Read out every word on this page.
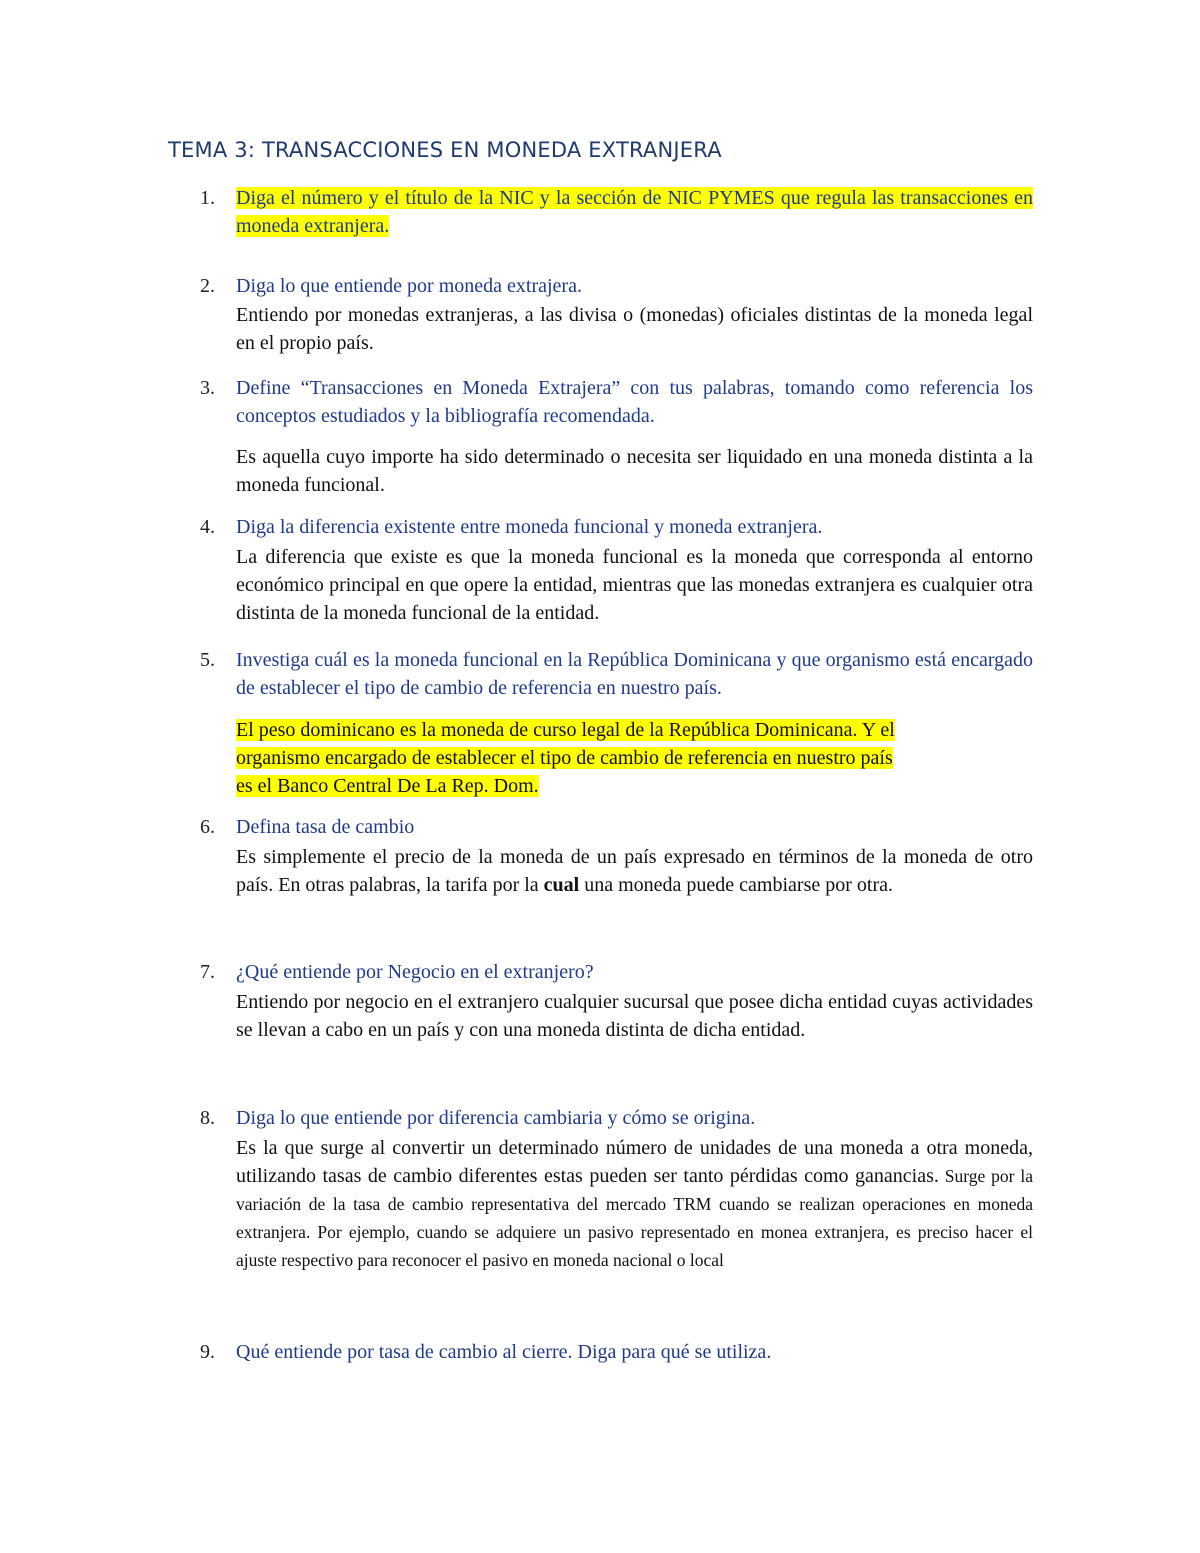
TEMA 3: TRANSACCIONES EN MONEDA EXTRANJERA
1. Diga el número y el título de la NIC y la sección de NIC PYMES que regula las transacciones en moneda extranjera.
2. Diga lo que entiende por moneda extrajera.
Entiendo por monedas extranjeras, a las divisa o (monedas) oficiales distintas de la moneda legal en el propio país.
3. Define “Transacciones en Moneda Extrajera” con tus palabras, tomando como referencia los conceptos estudiados y la bibliografía recomendada.
Es aquella cuyo importe ha sido determinado o necesita ser liquidado en una moneda distinta a la moneda funcional.
4. Diga la diferencia existente entre moneda funcional y moneda extranjera.
La diferencia que existe es que la moneda funcional es la moneda que corresponda al entorno económico principal en que opere la entidad, mientras que las monedas extranjera es cualquier otra distinta de la moneda funcional de la entidad.
5. Investiga cuál es la moneda funcional en la República Dominicana y que organismo está encargado de establecer el tipo de cambio de referencia en nuestro país.
El peso dominicano es la moneda de curso legal de la República Dominicana. Y el
organismo encargado de establecer el tipo de cambio de referencia en nuestro país
es el Banco Central De La Rep. Dom.
6. Defina tasa de cambio
Es simplemente el precio de la moneda de un país expresado en términos de la moneda de otro país. En otras palabras, la tarifa por la cual una moneda puede cambiarse por otra.
7. ¿Qué entiende por Negocio en el extranjero?
Entiendo por negocio en el extranjero cualquier sucursal que posee dicha entidad cuyas actividades se llevan a cabo en un país y con una moneda distinta de dicha entidad.
8. Diga lo que entiende por diferencia cambiaria y cómo se origina.
Es la que surge al convertir un determinado número de unidades de una moneda a otra moneda, utilizando tasas de cambio diferentes estas pueden ser tanto pérdidas como ganancias. Surge por la variación de la tasa de cambio representativa del mercado TRM cuando se realizan operaciones en moneda extranjera. Por ejemplo, cuando se adquiere un pasivo representado en monea extranjera, es preciso hacer el ajuste respectivo para reconocer el pasivo en moneda nacional o local
9. Qué entiende por tasa de cambio al cierre. Diga para qué se utiliza.
